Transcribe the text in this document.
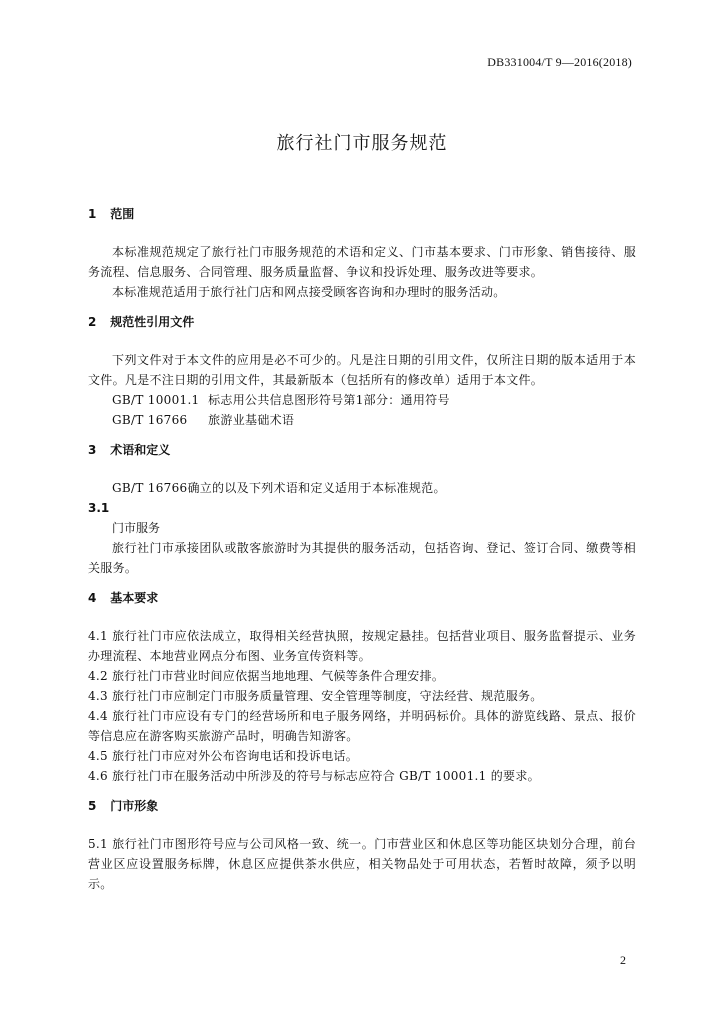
DB331004/T 9—2016(2018)
旅行社门市服务规范
1 范围
本标准规范规定了旅行社门市服务规范的术语和定义、门市基本要求、门市形象、销售接待、服务流程、信息服务、合同管理、服务质量监督、争议和投诉处理、服务改进等要求。
本标准规范适用于旅行社门店和网点接受顾客咨询和办理时的服务活动。
2 规范性引用文件
下列文件对于本文件的应用是必不可少的。凡是注日期的引用文件，仅所注日期的版本适用于本文件。凡是不注日期的引用文件，其最新版本（包括所有的修改单）适用于本文件。
GB/T 10001.1 标志用公共信息图形符号第1部分：通用符号
GB/T 16766 旅游业基础术语
3 术语和定义
GB/T 16766确立的以及下列术语和定义适用于本标准规范。
3.1
门市服务
旅行社门市承接团队或散客旅游时为其提供的服务活动，包括咨询、登记、签订合同、缴费等相关服务。
4 基本要求
4.1 旅行社门市应依法成立，取得相关经营执照，按规定悬挂。包括营业项目、服务监督提示、业务办理流程、本地营业网点分布图、业务宣传资料等。
4.2 旅行社门市营业时间应依据当地地理、气候等条件合理安排。
4.3 旅行社门市应制定门市服务质量管理、安全管理等制度，守法经营、规范服务。
4.4 旅行社门市应设有专门的经营场所和电子服务网络，并明码标价。具体的游览线路、景点、报价等信息应在游客购买旅游产品时，明确告知游客。
4.5 旅行社门市应对外公布咨询电话和投诉电话。
4.6 旅行社门市在服务活动中所涉及的符号与标志应符合 GB/T 10001.1 的要求。
5 门市形象
5.1 旅行社门市图形符号应与公司风格一致、统一。门市营业区和休息区等功能区块划分合理，前台营业区应设置服务标牌，休息区应提供茶水供应，相关物品处于可用状态，若暂时故障，须予以明示。
2
